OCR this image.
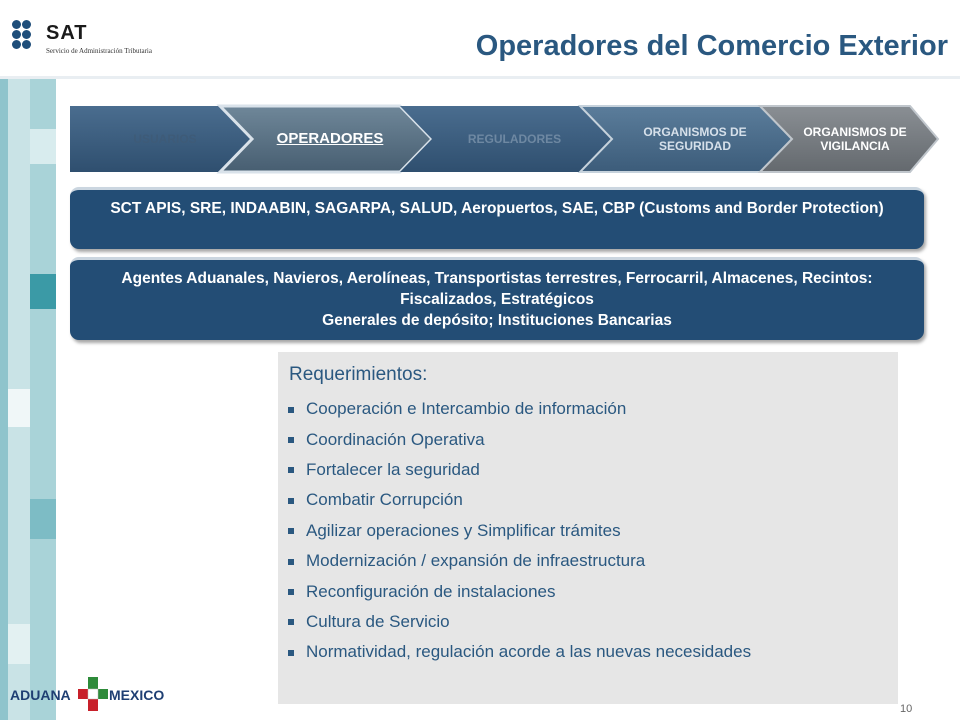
SAT
Servicio de Administración Tributaria	Operadores del Comercio Exterior
USUARIOS	OPERADORES	REGULADORES	ORGANISMOS DE SEGURIDAD
ORGANISMOS DE VIGILANCIA
SCT APIS, SRE, INDAABIN, SAGARPA, SALUD, Aeropuertos, SAE, CBP (Customs and Border Protection)
Agentes Aduanales, Navieros, Aerolíneas, Transportistas terrestres, Ferrocarril, Almacenes, Recintos: Fiscalizados, Estratégicos
Generales de depósito; Instituciones Bancarias
Requerimientos:
Cooperación e Intercambio de información
Coordinación Operativa
Fortalecer la seguridad
Combatir Corrupción
Agilizar operaciones y Simplificar trámites
Modernización / expansión de infraestructura
Reconfiguración de instalaciones
Cultura de Servicio
Normatividad, regulación acorde a las nuevas necesidades
ADUANA	MEXICO
10
